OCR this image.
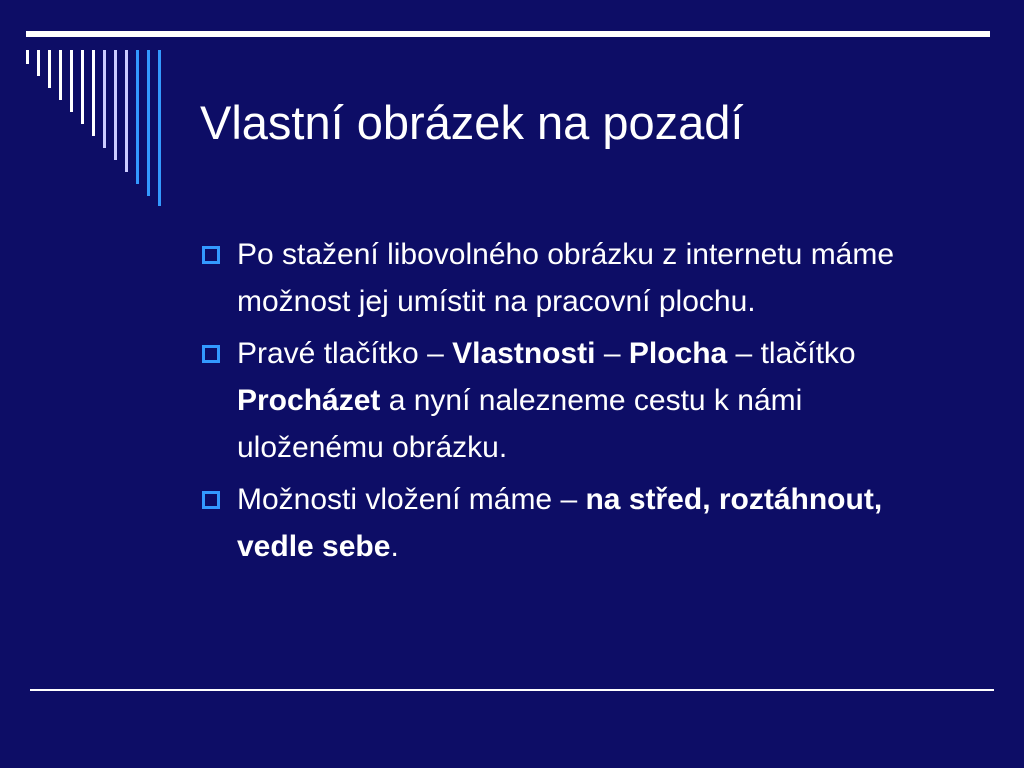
Vlastní obrázek na pozadí
Po stažení libovolného obrázku z internetu máme možnost jej umístit na pracovní plochu.
Pravé tlačítko – Vlastnosti – Plocha – tlačítko Procházet a nyní nalezneme cestu k námi uloženému obrázku.
Možnosti vložení máme – na střed, roztáhnout, vedle sebe.
